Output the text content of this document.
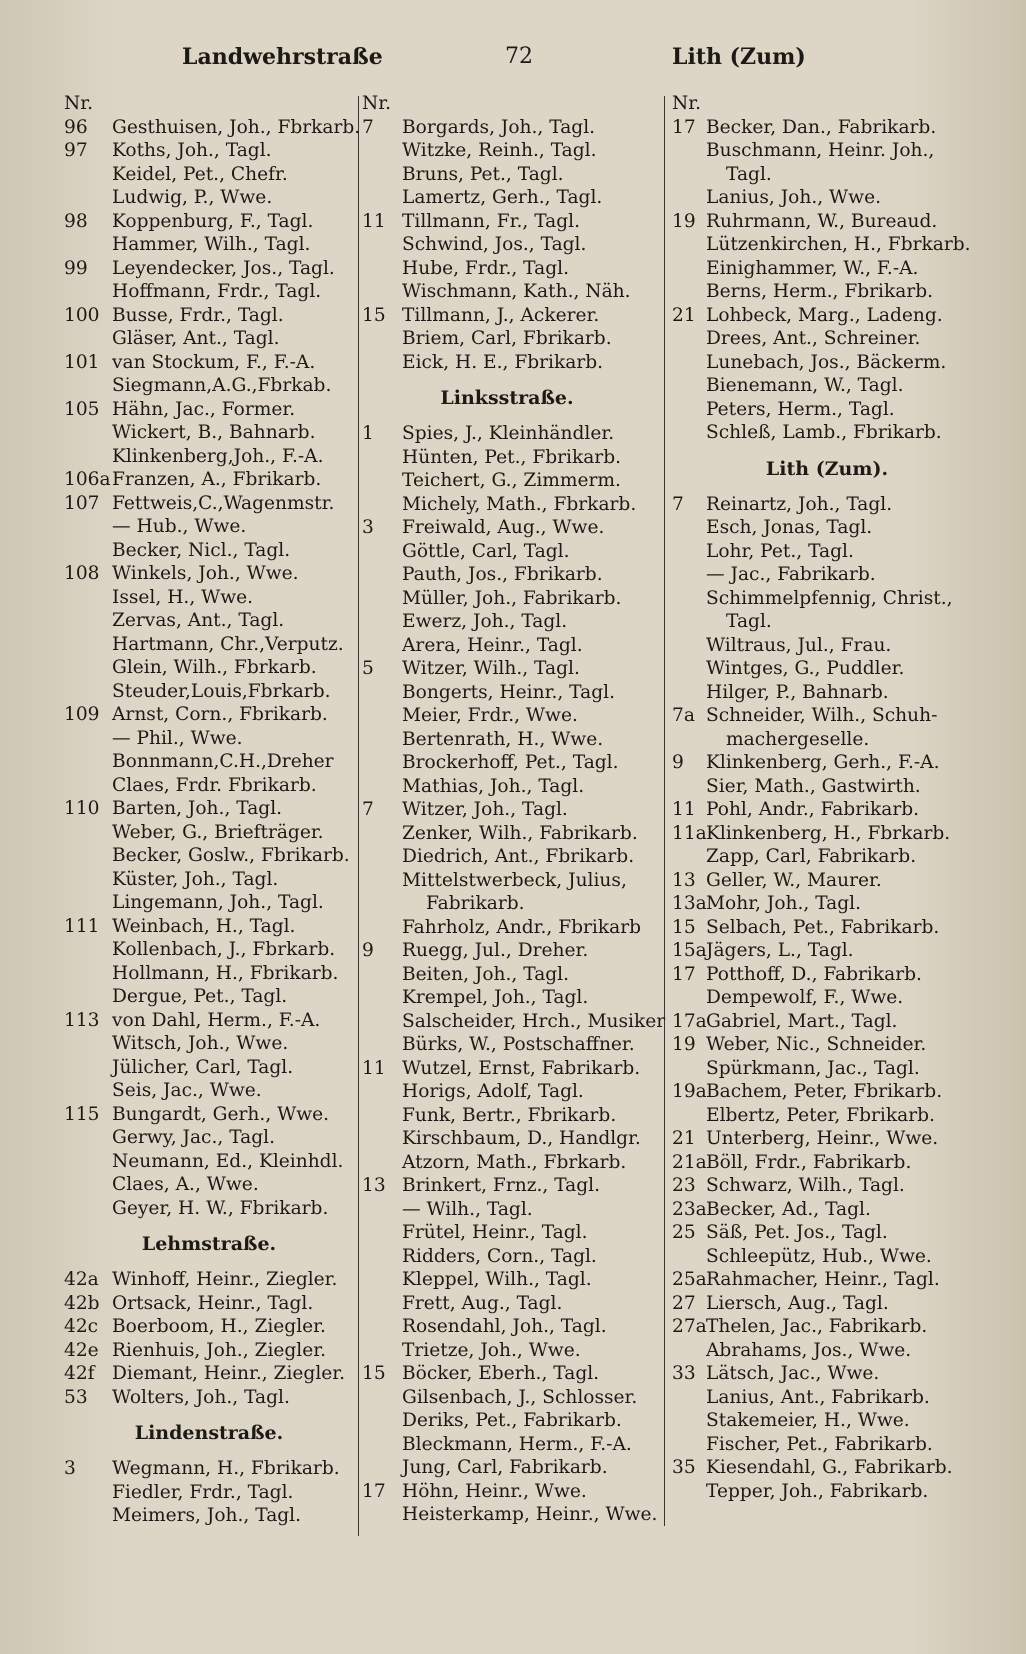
Landwehrstraße	72	Lith (Zum)
Nr.
96 Gesthuisen, Joh., Fbrkarb.
97 Koths, Joh., Tagl.
Keidel, Pet., Chefr.
Ludwig, P., Wwe.
98 Koppenburg, F., Tagl.
Hammer, Wilh., Tagl.
99 Leyendecker, Jos., Tagl.
Hoffmann, Frdr., Tagl.
100 Busse, Frdr., Tagl.
Gläser, Ant., Tagl.
101 van Stockum, F., F.-A.
Siegmann,A.G.,Fbrkab.
105 Hähn, Jac., Former.
Wickert, B., Bahnarb.
Klinkenberg,Joh., F.-A.
106a Franzen, A., Fbrikarb.
107 Fettweis,C.,Wagenmstr.
— Hub., Wwe.
Becker, Nicl., Tagl.
108 Winkels, Joh., Wwe.
Issel, H., Wwe.
Zervas, Ant., Tagl.
Hartmann, Chr.,Verputz.
Glein, Wilh., Fbrkarb.
Steuder,Louis,Fbrkarb.
109 Arnst, Corn., Fbrikarb.
— Phil., Wwe.
Bonnmann,C.H.,Dreher
Claes, Frdr. Fbrikarb.
110 Barten, Joh., Tagl.
Weber, G., Briefträger.
Becker, Goslw., Fbrikarb.
Küster, Joh., Tagl.
Lingemann, Joh., Tagl.
111 Weinbach, H., Tagl.
Kollenbach, J., Fbrkarb.
Hollmann, H., Fbrikarb.
Dergue, Pet., Tagl.
113 von Dahl, Herm., F.-A.
Witsch, Joh., Wwe.
Jülicher, Carl, Tagl.
Seis, Jac., Wwe.
115 Bungardt, Gerh., Wwe.
Gerwy, Jac., Tagl.
Neumann, Ed., Kleinhdl.
Claes, A., Wwe.
Geyer, H. W., Fbrikarb.
Lehmstraße.
42a Winhoff, Heinr., Ziegler.
42b Ortsack, Heinr., Tagl.
42c Boerboom, H., Ziegler.
42e Rienhuis, Joh., Ziegler.
42f Diemant, Heinr., Ziegler.
53 Wolters, Joh., Tagl.
Lindenstraße.
3 Wegmann, H., Fbrikarb.
Fiedler, Frdr., Tagl.
Meimers, Joh., Tagl.
Nr.
7 Borgards, Joh., Tagl.
Witzke, Reinh., Tagl.
Bruns, Pet., Tagl.
Lamertz, Gerh., Tagl.
11 Tillmann, Fr., Tagl.
Schwind, Jos., Tagl.
Hube, Frdr., Tagl.
Wischmann, Kath., Näh.
15 Tillmann, J., Ackerer.
Briem, Carl, Fbrikarb.
Eick, H. E., Fbrikarb.
Linksstraße.
1 Spies, J., Kleinhändler.
Hünten, Pet., Fbrikarb.
Teichert, G., Zimmerm.
Michely, Math., Fbrkarb.
3 Freiwald, Aug., Wwe.
Göttle, Carl, Tagl.
Pauth, Jos., Fbrikarb.
Müller, Joh., Fabrikarb.
Ewerz, Joh., Tagl.
Arera, Heinr., Tagl.
5 Witzer, Wilh., Tagl.
Bongerts, Heinr., Tagl.
Meier, Frdr., Wwe.
Bertenrath, H., Wwe.
Brockerhoff, Pet., Tagl.
Mathias, Joh., Tagl.
7 Witzer, Joh., Tagl.
Zenker, Wilh., Fabrikarb.
Diedrich, Ant., Fbrikarb.
Mittelstwerbeck, Julius,
Fabrikarb.
Fahrholz, Andr., Fbrikarb
9 Ruegg, Jul., Dreher.
Beiten, Joh., Tagl.
Krempel, Joh., Tagl.
Salscheider, Hrch., Musiker
Bürks, W., Postschaffner.
11 Wutzel, Ernst, Fabrikarb.
Horigs, Adolf, Tagl.
Funk, Bertr., Fbrikarb.
Kirschbaum, D., Handlgr.
Atzorn, Math., Fbrkarb.
13 Brinkert, Frnz., Tagl.
— Wilh., Tagl.
Frütel, Heinr., Tagl.
Ridders, Corn., Tagl.
Kleppel, Wilh., Tagl.
Frett, Aug., Tagl.
Rosendahl, Joh., Tagl.
Trietze, Joh., Wwe.
15 Böcker, Eberh., Tagl.
Gilsenbach, J., Schlosser.
Deriks, Pet., Fabrikarb.
Bleckmann, Herm., F.-A.
Jung, Carl, Fabrikarb.
17 Höhn, Heinr., Wwe.
Heisterkamp, Heinr., Wwe.
Nr.
17 Becker, Dan., Fabrikarb.
Buschmann, Heinr. Joh.,
Tagl.
Lanius, Joh., Wwe.
19 Ruhrmann, W., Bureaud.
Lützenkirchen, H., Fbrkarb.
Einighammer, W., F.-A.
Berns, Herm., Fbrikarb.
21 Lohbeck, Marg., Ladeng.
Drees, Ant., Schreiner.
Lunebach, Jos., Bäckerm.
Bienemann, W., Tagl.
Peters, Herm., Tagl.
Schleß, Lamb., Fbrikarb.
Lith (Zum).
7 Reinartz, Joh., Tagl.
Esch, Jonas, Tagl.
Lohr, Pet., Tagl.
— Jac., Fabrikarb.
Schimmelpfennig, Christ.,
Tagl.
Wiltraus, Jul., Frau.
Wintges, G., Puddler.
Hilger, P., Bahnarb.
7a Schneider, Wilh., Schuh-
machergeselle.
9 Klinkenberg, Gerh., F.-A.
Sier, Math., Gastwirth.
11 Pohl, Andr., Fabrikarb.
11a Klinkenberg, H., Fbrkarb.
Zapp, Carl, Fabrikarb.
13 Geller, W., Maurer.
13a Mohr, Joh., Tagl.
15 Selbach, Pet., Fabrikarb.
15a Jägers, L., Tagl.
17 Potthoff, D., Fabrikarb.
Dempewolf, F., Wwe.
17a Gabriel, Mart., Tagl.
19 Weber, Nic., Schneider.
Spürkmann, Jac., Tagl.
19a Bachem, Peter, Fbrikarb.
Elbertz, Peter, Fbrikarb.
21 Unterberg, Heinr., Wwe.
21a Böll, Frdr., Fabrikarb.
23 Schwarz, Wilh., Tagl.
23a Becker, Ad., Tagl.
25 Säß, Pet. Jos., Tagl.
Schleepütz, Hub., Wwe.
25a Rahmacher, Heinr., Tagl.
27 Liersch, Aug., Tagl.
27a Thelen, Jac., Fabrikarb.
Abrahams, Jos., Wwe.
33 Lätsch, Jac., Wwe.
Lanius, Ant., Fabrikarb.
Stakemeier, H., Wwe.
Fischer, Pet., Fabrikarb.
35 Kiesendahl, G., Fabrikarb.
Tepper, Joh., Fabrikarb.
